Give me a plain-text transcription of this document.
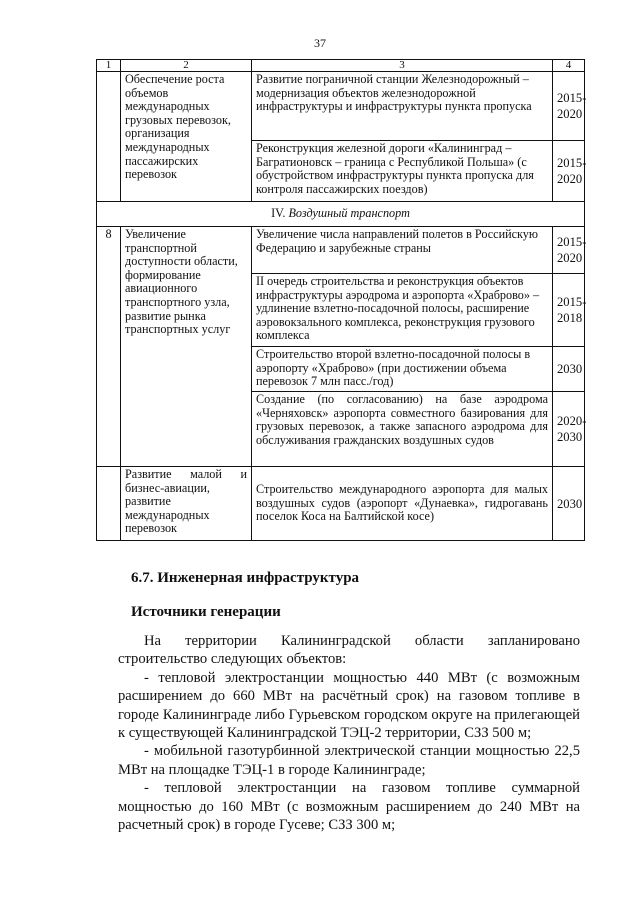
37
1	2	3	4
	Обеспечение роста объемов международных грузовых перевозок, организация международных пассажирских перевозок	Развитие пограничной станции Железнодорожный – модернизация объектов железнодорожной инфраструктуры и инфраструктуры пункта пропуска	2015-2020
		Реконструкция железной дороги «Калининград – Багратионовск – граница с Республикой Польша» (с обустройством инфраструктуры пункта пропуска для контроля пассажирских поездов)	2015-2020
IV. Воздушный транспорт			
8	Увеличение транспортной доступности области, формирование авиационного транспортного узла, развитие рынка транспортных услуг	Увеличение числа направлений полетов в Российскую Федерацию и зарубежные страны	2015-2020
		II очередь строительства и реконструкция объектов инфраструктуры аэродрома и аэропорта «Храброво» – удлинение взлетно-посадочной полосы, расширение аэровокзального комплекса, реконструкция грузового комплекса	2015-2018
		Строительство второй взлетно-посадочной полосы в аэропорту «Храброво» (при достижении объема перевозок 7 млн пасс./год)	2030
		Создание (по согласованию) на базе аэродрома «Черняховск» аэропорта совместного базирования для грузовых перевозок, а также запасного аэродрома для обслуживания гражданских воздушных судов	2020-2030
	Развитие малой и бизнес-авиации, развитие международных перевозок	Строительство международного аэропорта для малых воздушных судов (аэропорт «Дунаевка», гидрогавань поселок Коса на Балтийской косе)	2030
6.7. Инженерная инфраструктура
Источники генерации

На территории Калининградской области запланировано строительство следующих объектов:

- тепловой электростанции мощностью 440 МВт (с возможным расширением до 660 МВт на расчётный срок) на газовом топливе в городе Калининграде либо Гурьевском городском округе на прилегающей к существующей Калининградской ТЭЦ-2 территории, СЗЗ 500 м;

- мобильной газотурбинной электрической станции мощностью 22,5 МВт на площадке ТЭЦ-1 в городе Калининграде;

- тепловой электростанции на газовом топливе суммарной мощностью до 160 МВт (с возможным расширением до 240 МВт на расчетный срок) в городе Гусеве; СЗЗ 300 м;
